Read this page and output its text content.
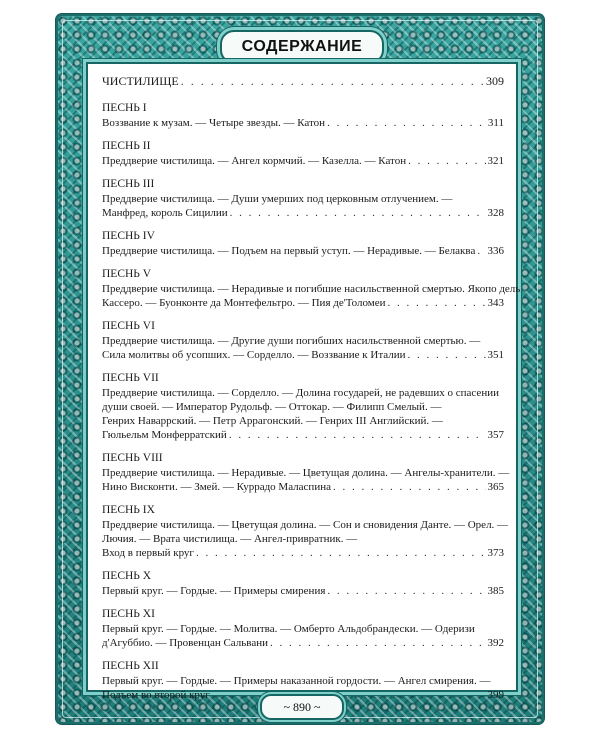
СОДЕРЖАНИЕ
ЧИСТИЛИЩЕ . . .	309
ПЕСНЬ I
Воззвание к музам. — Четыре звезды. — Катон . . .	311
ПЕСНЬ II
Преддверие чистилища. — Ангел кормчий. — Казелла. — Катон . . .	321
ПЕСНЬ III
Преддверие чистилища. — Души умерших под церковным отлучением. —
Манфред, король Сицилии . . .	328
ПЕСНЬ IV
Преддверие чистилища. — Подъем на первый уступ. — Нерадивые. — Белаква . . . 336
ПЕСНЬ V
Преддверие чистилища. — Нерадивые и погибшие насильственной смертью. Якопо дель
Кассеро. — Буонконте да Монтефельтро. — Пия де'Толомеи . . .	343
ПЕСНЬ VI
Преддверие чистилища. — Другие души погибших насильственной смертью. —
Сила молитвы об усопших. — Сорделло. — Воззвание к Италии . . .	351
ПЕСНЬ VII
Преддверие чистилища. — Сорделло. — Долина государей, не радевших о спасении
души своей. — Император Рудольф. — Оттокар. — Филипп Смелый. —
Генрих Наваррский. — Петр Аррагонский. — Генрих III Английский. —
Гюльельм Монферратский . . .	357
ПЕСНЬ VIII
Преддверие чистилища. — Нерадивые. — Цветущая долина. — Ангелы-хранители. —
Нино Висконти. — Змей. — Куррадо Маласпина . . .	365
ПЕСНЬ IX
Преддверие чистилища. — Цветущая долина. — Сон и сновидения Данте. — Орел. —
Лючия. — Врата чистилища. — Ангел-привратник. —
Вход в первый круг . . .	373
ПЕСНЬ X
Первый круг. — Гордые. — Примеры смирения . . .	385
ПЕСНЬ XI
Первый круг. — Гордые. — Молитва. — Омберто Альдобрандески. — Одеризи
д'Агуббио. — Провенцан Сальвани . . .	392
ПЕСНЬ XII
Первый круг. — Гордые. — Примеры наказанной гордости. — Ангел смирения. —
Подъем во второй круг . . .	399
~ 890 ~
